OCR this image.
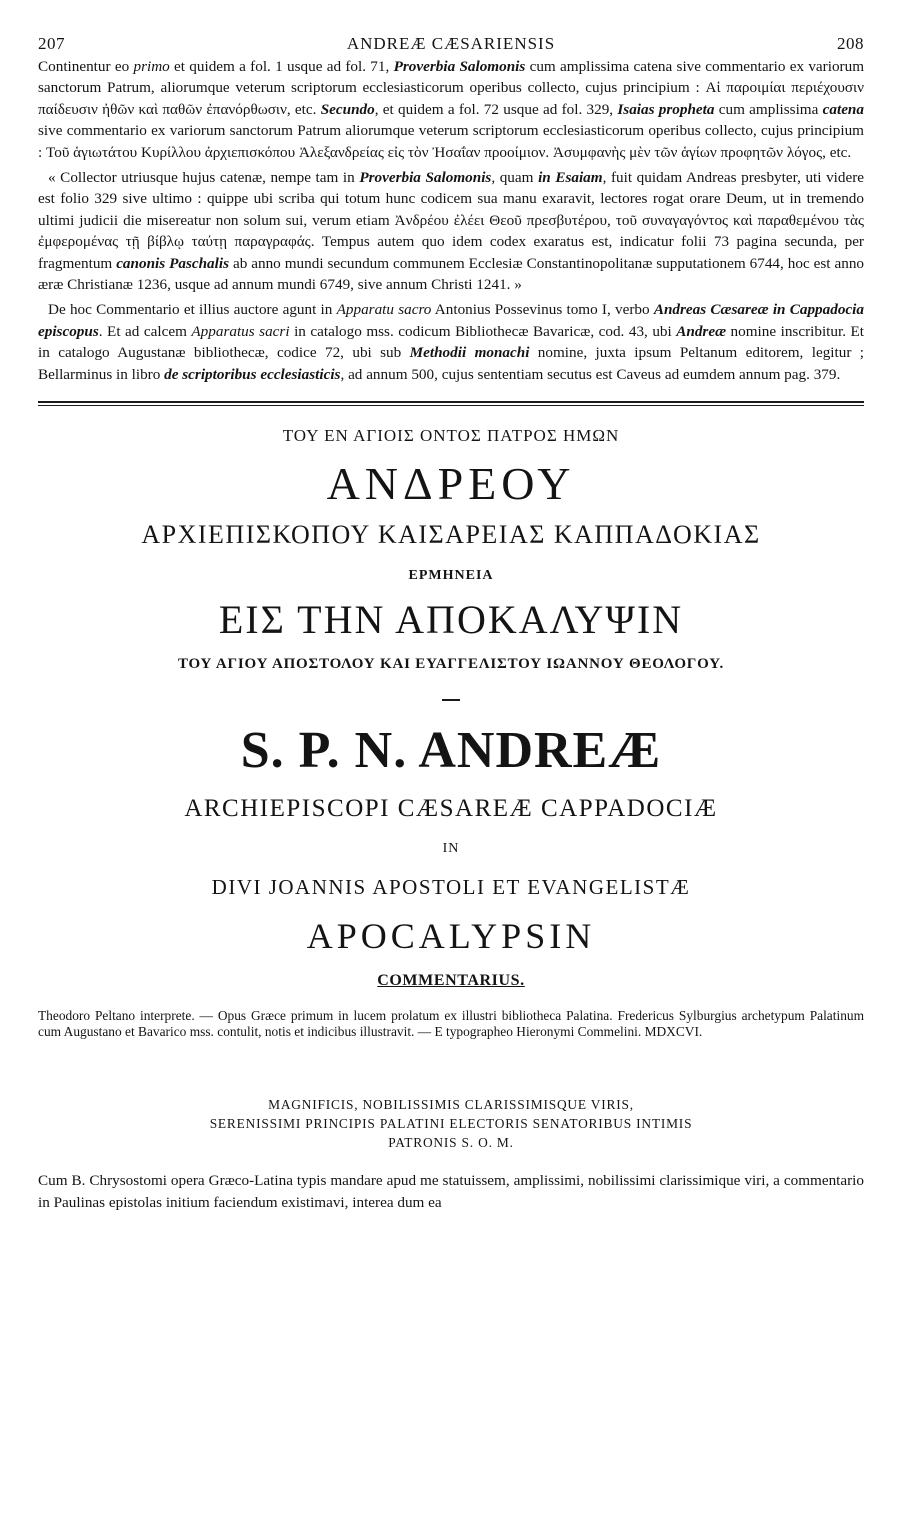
207	ANDREÆ CÆSARIENSIS	208

Continentur eo primo et quidem a fol. 1 usque ad fol. 71, Proverbia Salomonis cum amplissima catena sive commentario ex variorum sanctorum Patrum, aliorumque veterum scriptorum ecclesiasticorum operibus collecto, cujus principium : Αἱ παροιμίαι περιέχουσιν παίδευσιν ἠθῶν καὶ παθῶν ἐπανόρθωσιν, etc. Secundo, et quidem a fol. 72 usque ad fol. 329, Isaias propheta cum amplissima catena sive commentario ex variorum sanctorum Patrum aliorumque veterum scriptorum ecclesiasticorum operibus collecto, cujus principium : Τοῦ ἁγιωτάτου Κυρίλλου ἀρχιεπισκόπου Ἀλεξανδρείας εἰς τὸν Ἠσαΐαν προοίμιον. Ἀσυμφανὴς μὲν τῶν ἁγίων προφητῶν λόγος, etc.

« Collector utriusque hujus catenæ, nempe tam in Proverbia Salomonis, quam in Esaiam, fuit quidam Andreas presbyter, uti videre est folio 329 sive ultimo : quippe ubi scriba qui totum hunc codicem sua manu exaravit, lectores rogat orare Deum, ut in tremendo ultimi judicii die misereatur non solum sui, verum etiam Ἀνδρέου ἐλέει Θεοῦ πρεσβυτέρου, τοῦ συναγαγόντος καὶ παραθεμένου τὰς ἐμφερομένας τῇ βίβλῳ ταύτῃ παραγραφάς. Tempus autem quo idem codex exaratus est, indicatur folii 73 pagina secunda, per fragmentum canonis Paschalis ab anno mundi secundum communem Ecclesiæ Constantinopolitanæ supputationem 6744, hoc est anno æræ Christianæ 1236, usque ad annum mundi 6749, sive annum Christi 1241. »

De hoc Commentario et illius auctore agunt in Apparatu sacro Antonius Possevinus tomo I, verbo Andreas Cæsareæ in Cappadocia episcopus. Et ad calcem Apparatus sacri in catalogo mss. codicum Bibliothecæ Bavaricæ, cod. 43, ubi Andreæ nomine inscribitur. Et in catalogo Augustanæ bibliothecæ, codice 72, ubi sub Methodii monachi nomine, juxta ipsum Peltanum editorem, legitur ; Bellarminus in libro de scriptoribus ecclesiasticis, ad annum 500, cujus sententiam secutus est Caveus ad eumdem annum pag. 379.

ΤΟΥ ΕΝ ΑΓΙΟΙΣ ΟΝΤΟΣ ΠΑΤΡΟΣ ΗΜΩΝ
ΑΝΔΡΕΟΥ
ΑΡΧΙΕΠΙΣΚΟΠΟΥ ΚΑΙΣΑΡΕΙΑΣ ΚΑΠΠΑΔΟΚΙΑΣ
ΕΡΜΗΝΕΙΑ
ΕΙΣ ΤΗΝ ΑΠΟΚΑΛΥΨΙΝ
ΤΟΥ ΑΓΙΟΥ ΑΠΟΣΤΟΛΟΥ ΚΑΙ ΕΥΑΓΓΕΛΙΣΤΟΥ ΙΩΑΝΝΟΥ ΘΕΟΛΟΓΟΥ.
S. P. N. ANDREÆ
ARCHIEPISCOPI CÆSAREÆ CAPPADOCIÆ
IN
DIVI JOANNIS APOSTOLI ET EVANGELISTÆ
APOCALYPSIN
COMMENTARIUS.
Theodoro Peltano interprete. — Opus Græce primum in lucem prolatum ex illustri bibliotheca Palatina. Fredericus Sylburgius archetypum Palatinum cum Augustano et Bavarico mss. contulit, notis et indicibus illustravit. — E typographeo Hieronymi Commelini. MDXCVI.
MAGNIFICIS, NOBILISSIMIS CLARISSIMISQUE VIRIS,
SERENISSIMI PRINCIPIS PALATINI ELECTORIS SENATORIBUS INTIMIS
PATRONIS S. O. M.
Cum B. Chrysostomi opera Græco-Latina typis mandare apud me statuissem, amplissimi, nobilissimi clarissimique viri, a commentario in Paulinas epistolas initium faciendum existimavi, interea dum ea
